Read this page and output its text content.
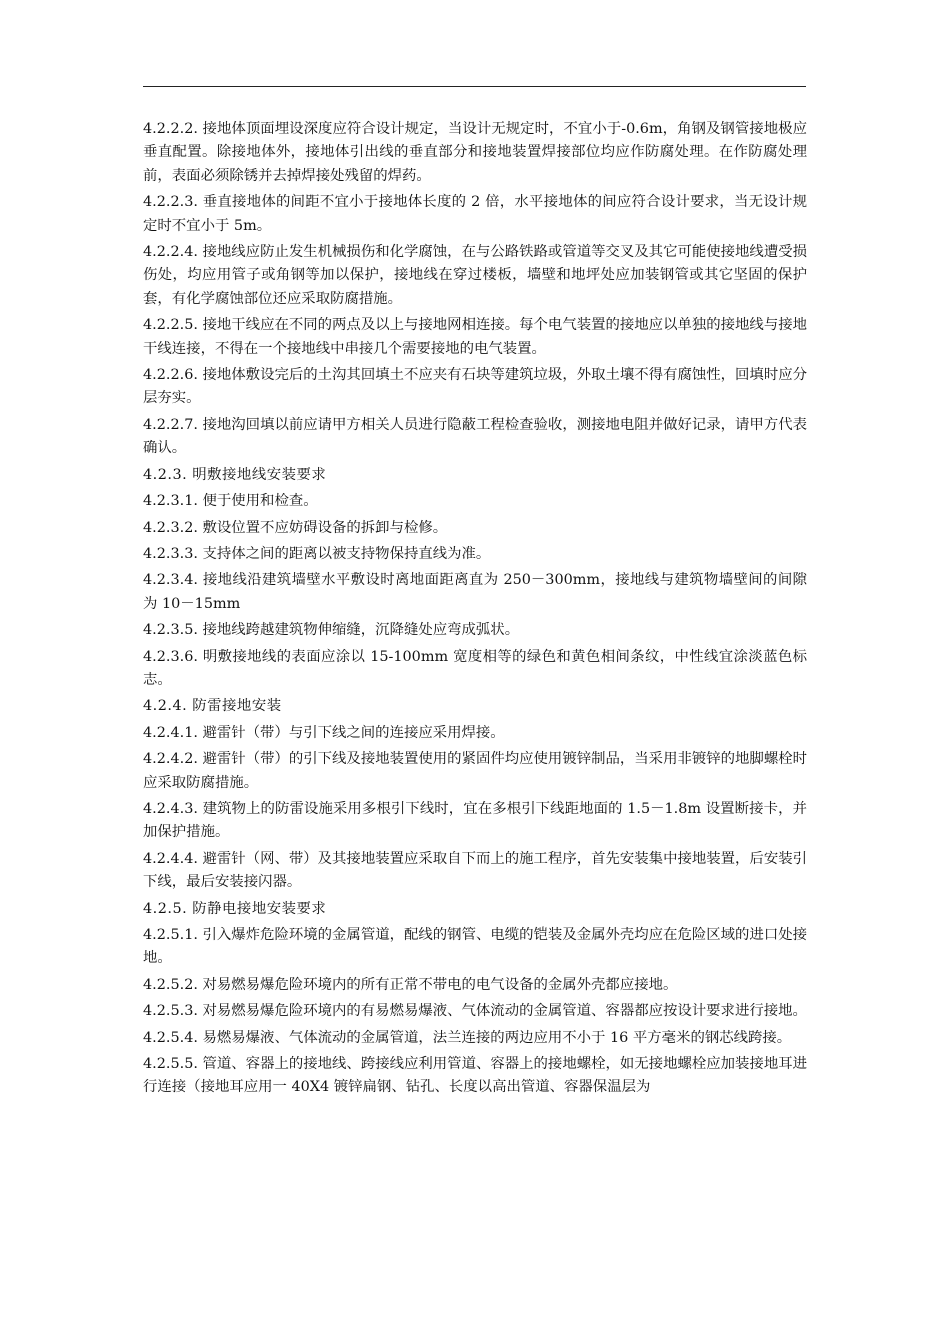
4.2.2.2. 接地体顶面埋设深度应符合设计规定，当设计无规定时，不宜小于-0.6m，角钢及钢管接地极应垂直配置。除接地体外，接地体引出线的垂直部分和接地装置焊接部位均应作防腐处理。在作防腐处理前，表面必须除锈并去掉焊接处残留的焊药。

4.2.2.3. 垂直接地体的间距不宜小于接地体长度的 2 倍，水平接地体的间应符合设计要求，当无设计规定时不宜小于 5m。

4.2.2.4. 接地线应防止发生机械损伤和化学腐蚀，在与公路铁路或管道等交叉及其它可能使接地线遭受损伤处，均应用管子或角钢等加以保护，接地线在穿过楼板，墙壁和地坪处应加装钢管或其它坚固的保护套，有化学腐蚀部位还应采取防腐措施。

4.2.2.5. 接地干线应在不同的两点及以上与接地网相连接。每个电气装置的接地应以单独的接地线与接地干线连接，不得在一个接地线中串接几个需要接地的电气装置。

4.2.2.6. 接地体敷设完后的土沟其回填土不应夹有石块等建筑垃圾，外取土壤不得有腐蚀性，回填时应分层夯实。

4.2.2.7. 接地沟回填以前应请甲方相关人员进行隐蔽工程检查验收，测接地电阻并做好记录，请甲方代表确认。

4.2.3. 明敷接地线安装要求

4.2.3.1. 便于使用和检查。

4.2.3.2. 敷设位置不应妨碍设备的拆卸与检修。

4.2.3.3. 支持体之间的距离以被支持物保持直线为准。

4.2.3.4. 接地线沿建筑墙壁水平敷设时离地面距离直为 250－300mm，接地线与建筑物墙壁间的间隙为 10－15mm

4.2.3.5. 接地线跨越建筑物伸缩缝，沉降缝处应弯成弧状。

4.2.3.6. 明敷接地线的表面应涂以 15-100mm 宽度相等的绿色和黄色相间条纹，中性线宜涂淡蓝色标志。

4.2.4. 防雷接地安装

4.2.4.1. 避雷针（带）与引下线之间的连接应采用焊接。

4.2.4.2. 避雷针（带）的引下线及接地装置使用的紧固件均应使用镀锌制品，当采用非镀锌的地脚螺栓时应采取防腐措施。

4.2.4.3. 建筑物上的防雷设施采用多根引下线时，宜在多根引下线距地面的 1.5－1.8m 设置断接卡，并加保护措施。

4.2.4.4. 避雷针（网、带）及其接地装置应采取自下而上的施工程序，首先安装集中接地装置，后安装引下线，最后安装接闪器。

4.2.5. 防静电接地安装要求

4.2.5.1. 引入爆炸危险环境的金属管道，配线的钢管、电缆的铠装及金属外壳均应在危险区域的进口处接地。

4.2.5.2. 对易燃易爆危险环境内的所有正常不带电的电气设备的金属外壳都应接地。

4.2.5.3. 对易燃易爆危险环境内的有易燃易爆液、气体流动的金属管道、容器都应按设计要求进行接地。

4.2.5.4. 易燃易爆液、气体流动的金属管道，法兰连接的两边应用不小于 16 平方毫米的钢芯线跨接。

4.2.5.5. 管道、容器上的接地线、跨接线应利用管道、容器上的接地螺栓，如无接地螺栓应加装接地耳进行连接（接地耳应用一 40X4 镀锌扁钢、钻孔、长度以高出管道、容器保温层为
